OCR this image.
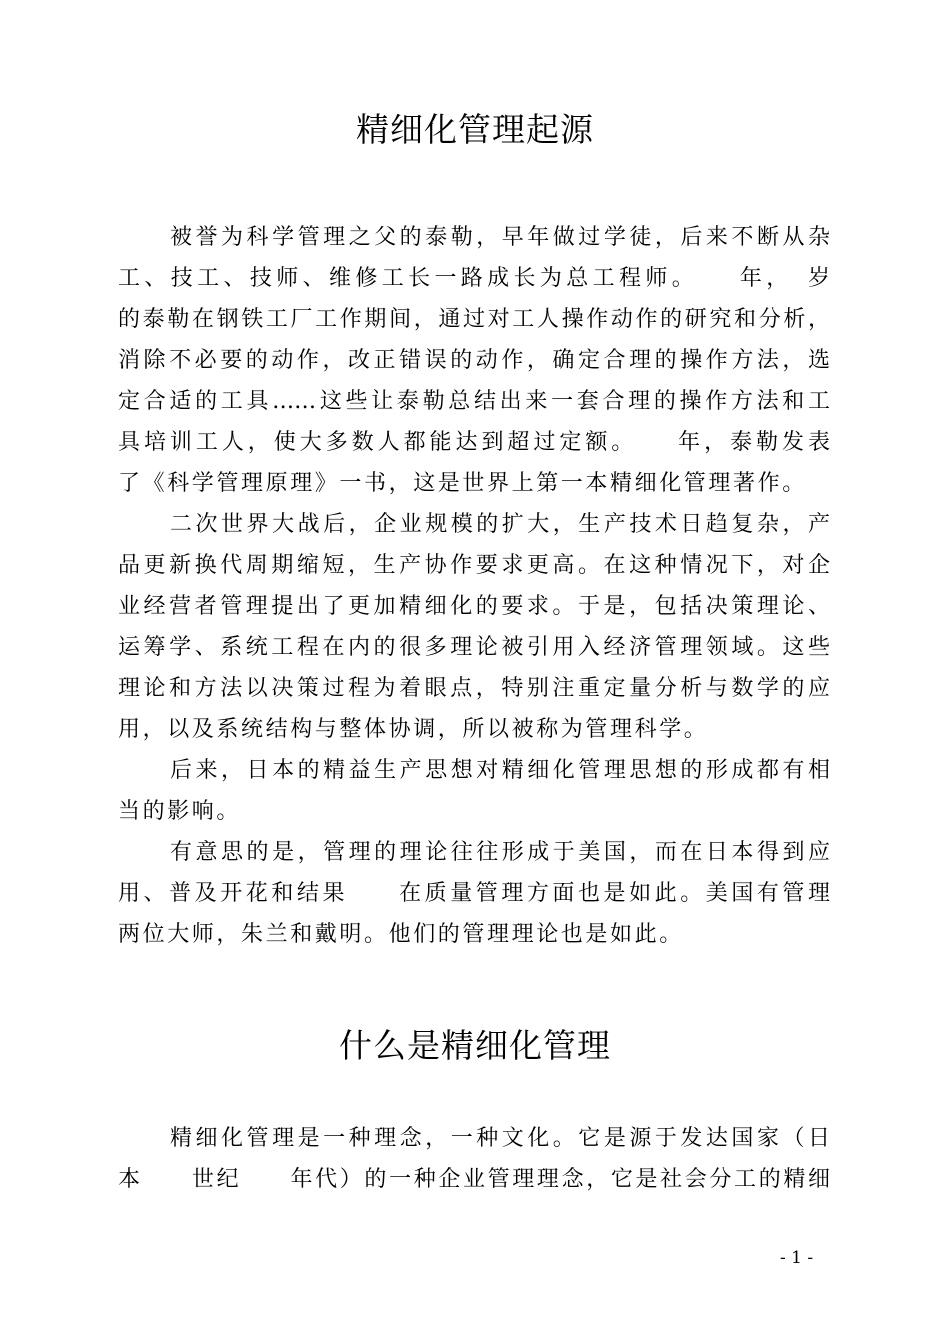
精细化管理起源

被誉为科学管理之父的泰勒，早年做过学徒，后来不断从杂

工、技工、技师、维修工长一路成长为总工程师。　　年，　岁

的泰勒在钢铁工厂工作期间，通过对工人操作动作的研究和分析，

消除不必要的动作，改正错误的动作，确定合理的操作方法，选

定合适的工具……这些让泰勒总结出来一套合理的操作方法和工

具培训工人，使大多数人都能达到超过定额。　　年，泰勒发表

了《科学管理原理》一书，这是世界上第一本精细化管理著作。

二次世界大战后，企业规模的扩大，生产技术日趋复杂，产

品更新换代周期缩短，生产协作要求更高。在这种情况下，对企

业经营者管理提出了更加精细化的要求。于是，包括决策理论、

运筹学、系统工程在内的很多理论被引用入经济管理领域。这些

理论和方法以决策过程为着眼点，特别注重定量分析与数学的应

用，以及系统结构与整体协调，所以被称为管理科学。

后来，日本的精益生产思想对精细化管理思想的形成都有相

当的影响。

有意思的是，管理的理论往往形成于美国，而在日本得到应

用、普及开花和结果　　在质量管理方面也是如此。美国有管理

两位大师，朱兰和戴明。他们的管理理论也是如此。

什么是精细化管理

精细化管理是一种理念，一种文化。它是源于发达国家（日

本　　世纪　　年代）的一种企业管理理念，它是社会分工的精细

- 1 -
